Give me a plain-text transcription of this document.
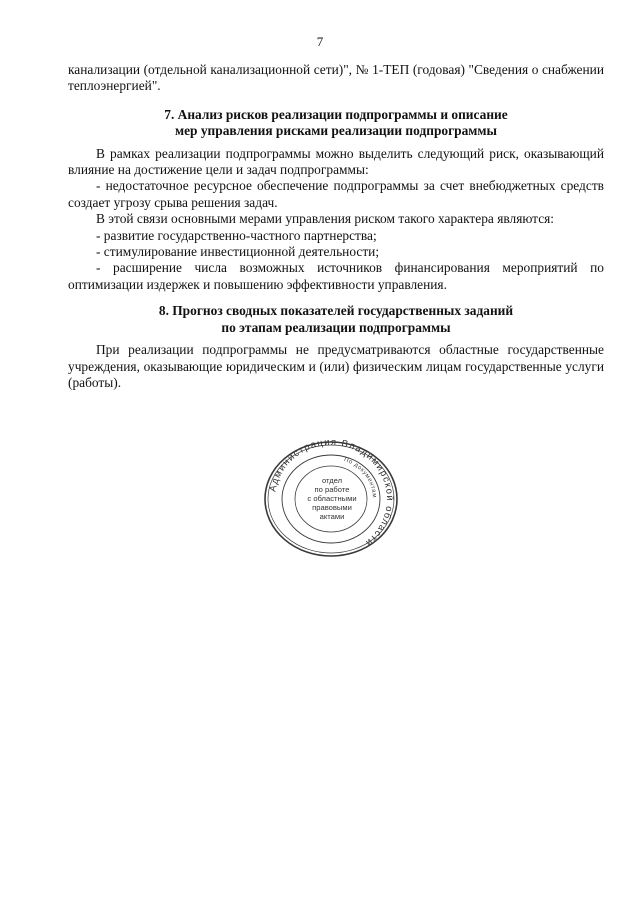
7

канализации (отдельной канализационной сети)", № 1-ТЕП (годовая) "Сведения о снабжении теплоэнергией".

7. Анализ рисков реализации подпрограммы и описание
мер управления рисками реализации подпрограммы

В рамках реализации подпрограммы можно выделить следующий риск, оказывающий влияние на достижение цели и задач подпрограммы:

- недостаточное ресурсное обеспечение подпрограммы за счет внебюджетных средств создает угрозу срыва решения задач.

В этой связи основными мерами управления риском такого характера являются:

- развитие государственно-частного партнерства;

- стимулирование инвестиционной деятельности;

- расширение числа возможных источников финансирования мероприятий по оптимизации издержек и повышению эффективности управления.

8. Прогноз сводных показателей государственных заданий
по этапам реализации подпрограммы

При реализации подпрограммы не предусматриваются областные государственные учреждения, оказывающие юридическим и (или) физическим лицам государственные услуги (работы).

Администрация Владимирской области
По документам
отдел
по работе
с областными
правовыми
актами
